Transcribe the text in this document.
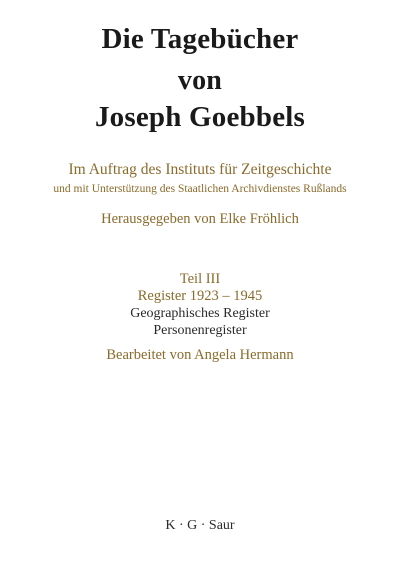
Die Tagebücher
von
Joseph Goebbels
Im Auftrag des Instituts für Zeitgeschichte
und mit Unterstützung des Staatlichen Archivdienstes Rußlands
Herausgegeben von Elke Fröhlich
Teil III
Register 1923 – 1945
Geographisches Register
Personenregister
Bearbeitet von Angela Hermann
K · G · Saur
